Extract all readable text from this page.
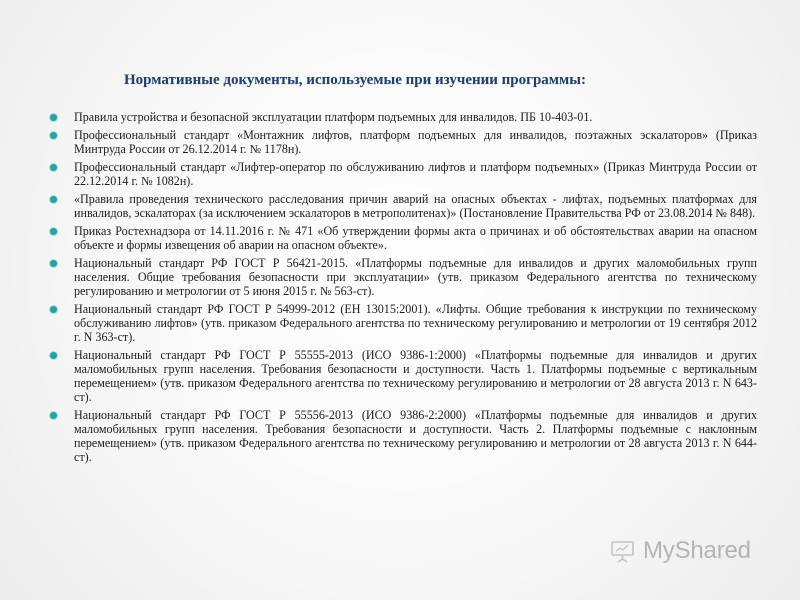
Нормативные документы, используемые при изучении программы:
Правила устройства и безопасной эксплуатации платформ подъемных для инвалидов. ПБ 10-403-01.
Профессиональный стандарт «Монтажник лифтов, платформ подъемных для инвалидов, поэтажных эскалаторов» (Приказ Минтруда России от 26.12.2014 г. № 1178н).
Профессиональный стандарт «Лифтер-оператор по обслуживанию лифтов и платформ подъемных» (Приказ Минтруда России от 22.12.2014 г. № 1082н).
«Правила проведения технического расследования причин аварий на опасных объектах - лифтах, подъемных платформах для инвалидов, эскалаторах (за исключением эскалаторов в метрополитенах)» (Постановление Правительства РФ от 23.08.2014 № 848).
Приказ Ростехнадзора от 14.11.2016 г. № 471 «Об утверждении формы акта о причинах и об обстоятельствах аварии на опасном объекте и формы извещения об аварии на опасном объекте».
Национальный стандарт РФ ГОСТ Р 56421-2015. «Платформы подъемные для инвалидов и других маломобильных групп населения. Общие требования безопасности при эксплуатации» (утв. приказом Федерального агентства по техническому регулированию и метрологии от 5 июня 2015 г. № 563-ст).
Национальный стандарт РФ ГОСТ Р 54999-2012 (ЕН 13015:2001). «Лифты. Общие требования к инструкции по техническому обслуживанию лифтов» (утв. приказом Федерального агентства по техническому регулированию и метрологии от 19 сентября 2012 г. N 363-ст).
Национальный стандарт РФ ГОСТ Р 55555-2013 (ИСО 9386-1:2000) «Платформы подъемные для инвалидов и других маломобильных групп населения. Требования безопасности и доступности. Часть 1. Платформы подъемные с вертикальным перемещением» (утв. приказом Федерального агентства по техническому регулированию и метрологии от 28 августа 2013 г. N 643-ст).
Национальный стандарт РФ ГОСТ Р 55556-2013 (ИСО 9386-2:2000) «Платформы подъемные для инвалидов и других маломобильных групп населения. Требования безопасности и доступности. Часть 2. Платформы подъемные с наклонным перемещением» (утв. приказом Федерального агентства по техническому регулированию и метрологии от 28 августа 2013 г. N 644-ст).
MyShared
